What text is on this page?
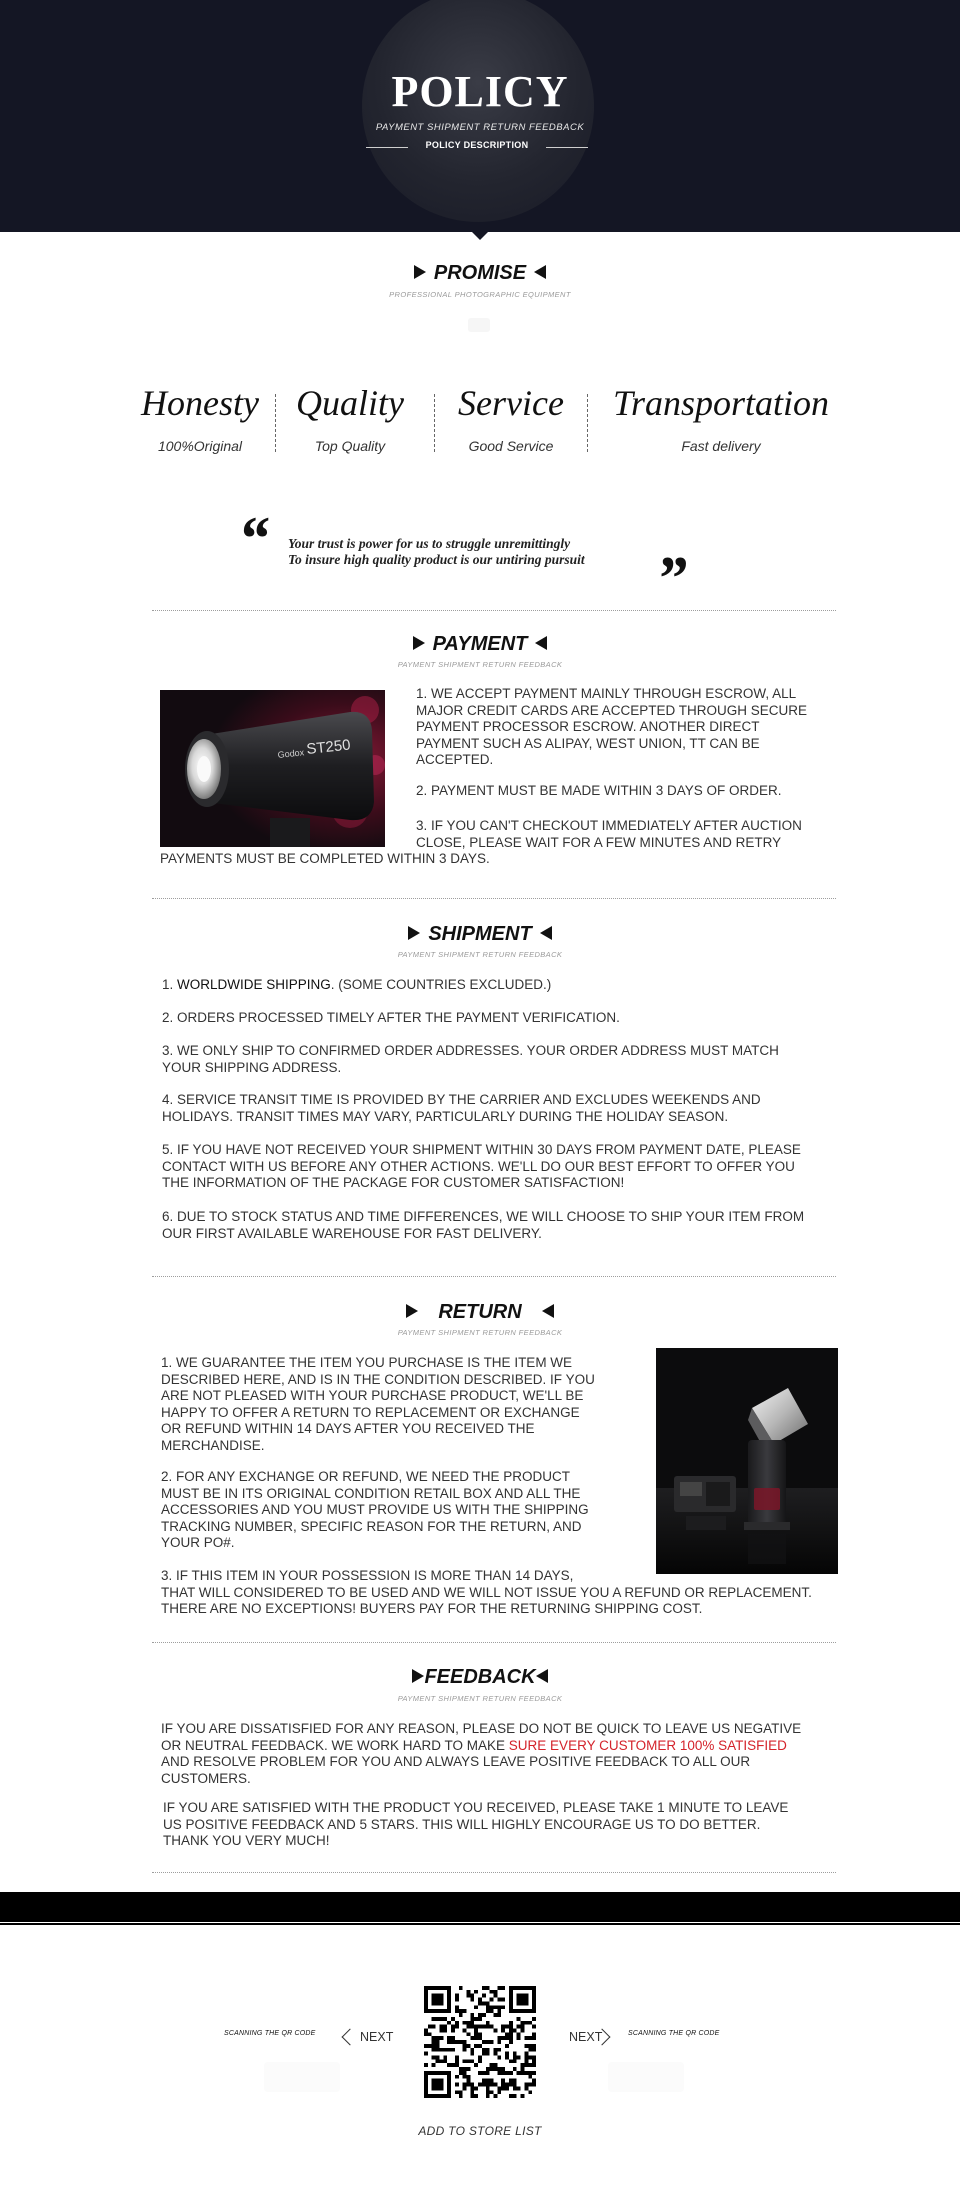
POLICY
PAYMENT SHIPMENT RETURN FEEDBACK
POLICY DESCRIPTION
PROMISE
PROFESSIONAL PHOTOGRAPHIC EQUIPMENT
Honesty
100%Original
Quality
Top Quality
Service
Good Service
Transportation
Fast delivery
“ Your trust is power for us to struggle unremittingly
To insure high quality product is our untiring pursuit ”
PAYMENT
PAYMENT SHIPMENT RETURN FEEDBACK
Godox ST250
1. WE ACCEPT PAYMENT MAINLY THROUGH ESCROW, ALL
MAJOR CREDIT CARDS ARE ACCEPTED THROUGH SECURE
PAYMENT PROCESSOR ESCROW. ANOTHER DIRECT
PAYMENT SUCH AS ALIPAY, WEST UNION, TT CAN BE
ACCEPTED.
2. PAYMENT MUST BE MADE WITHIN 3 DAYS OF ORDER.
3. IF YOU CAN'T CHECKOUT IMMEDIATELY AFTER AUCTION
CLOSE, PLEASE WAIT FOR A FEW MINUTES AND RETRY
PAYMENTS MUST BE COMPLETED WITHIN 3 DAYS.
SHIPMENT
PAYMENT SHIPMENT RETURN FEEDBACK
1. WORLDWIDE SHIPPING. (SOME COUNTRIES EXCLUDED.)
2. ORDERS PROCESSED TIMELY AFTER THE PAYMENT VERIFICATION.
3. WE ONLY SHIP TO CONFIRMED ORDER ADDRESSES. YOUR ORDER ADDRESS MUST MATCH
YOUR SHIPPING ADDRESS.
4. SERVICE TRANSIT TIME IS PROVIDED BY THE CARRIER AND EXCLUDES WEEKENDS AND
HOLIDAYS. TRANSIT TIMES MAY VARY, PARTICULARLY DURING THE HOLIDAY SEASON.
5. IF YOU HAVE NOT RECEIVED YOUR SHIPMENT WITHIN 30 DAYS FROM PAYMENT DATE, PLEASE
CONTACT WITH US BEFORE ANY OTHER ACTIONS. WE'LL DO OUR BEST EFFORT TO OFFER YOU
THE INFORMATION OF THE PACKAGE FOR CUSTOMER SATISFACTION!
6. DUE TO STOCK STATUS AND TIME DIFFERENCES, WE WILL CHOOSE TO SHIP YOUR ITEM FROM
OUR FIRST AVAILABLE WAREHOUSE FOR FAST DELIVERY.
RETURN
PAYMENT SHIPMENT RETURN FEEDBACK
1. WE GUARANTEE THE ITEM YOU PURCHASE IS THE ITEM WE
DESCRIBED HERE, AND IS IN THE CONDITION DESCRIBED. IF YOU
ARE NOT PLEASED WITH YOUR PURCHASE PRODUCT, WE'LL BE
HAPPY TO OFFER A RETURN TO REPLACEMENT OR EXCHANGE
OR REFUND WITHIN 14 DAYS AFTER YOU RECEIVED THE
MERCHANDISE.
2. FOR ANY EXCHANGE OR REFUND, WE NEED THE PRODUCT
MUST BE IN ITS ORIGINAL CONDITION RETAIL BOX AND ALL THE
ACCESSORIES AND YOU MUST PROVIDE US WITH THE SHIPPING
TRACKING NUMBER, SPECIFIC REASON FOR THE RETURN, AND
YOUR PO#.
3. IF THIS ITEM IN YOUR POSSESSION IS MORE THAN 14 DAYS,
THAT WILL CONSIDERED TO BE USED AND WE WILL NOT ISSUE YOU A REFUND OR REPLACEMENT.
THERE ARE NO EXCEPTIONS! BUYERS PAY FOR THE RETURNING SHIPPING COST.
FEEDBACK
PAYMENT SHIPMENT RETURN FEEDBACK
IF YOU ARE DISSATISFIED FOR ANY REASON, PLEASE DO NOT BE QUICK TO LEAVE US NEGATIVE
OR NEUTRAL FEEDBACK. WE WORK HARD TO MAKE SURE EVERY CUSTOMER 100% SATISFIED
AND RESOLVE PROBLEM FOR YOU AND ALWAYS LEAVE POSITIVE FEEDBACK TO ALL OUR
CUSTOMERS.
IF YOU ARE SATISFIED WITH THE PRODUCT YOU RECEIVED, PLEASE TAKE 1 MINUTE TO LEAVE
US POSITIVE FEEDBACK AND 5 STARS. THIS WILL HIGHLY ENCOURAGE US TO DO BETTER.
THANK YOU VERY MUCH!
SCANNING THE QR CODE	NEXT	NEXT	SCANNING THE QR CODE
ADD TO STORE LIST
